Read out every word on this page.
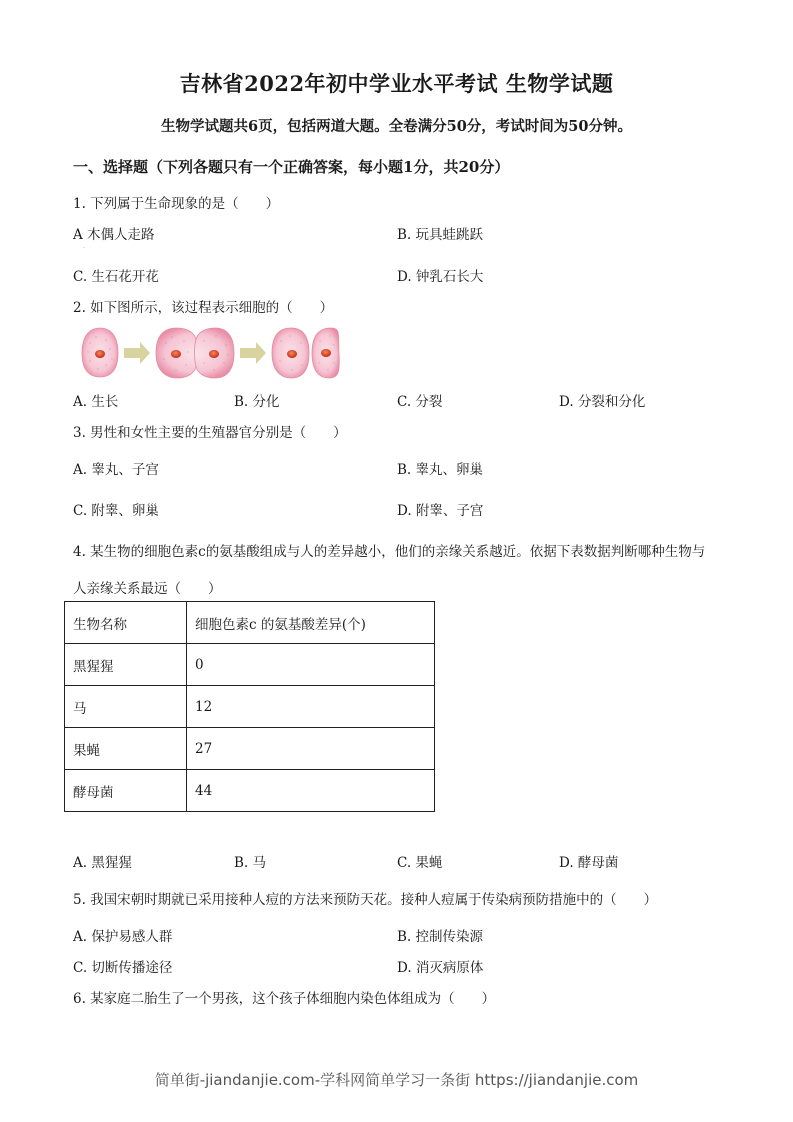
吉林省2022年初中学业水平考试 生物学试题
生物学试题共6页，包括两道大题。全卷满分50分，考试时间为50分钟。
一、选择题（下列各题只有一个正确答案，每小题1分，共20分）
1. 下列属于生命现象的是（　　）
A 木偶人走路	B. 玩具蛙跳跃
·
C. 生石花开花	D. 钟乳石长大
2. 如下图所示，该过程表示细胞的（　　）
A. 生长	B. 分化	C. 分裂	D. 分裂和分化
3. 男性和女性主要的生殖器官分别是（　　）
A. 睾丸、子宫	B. 睾丸、卵巢
C. 附睾、卵巢	D. 附睾、子宫
4. 某生物的细胞色素c的氨基酸组成与人的差异越小，他们的亲缘关系越近。依据下表数据判断哪种生物与
人亲缘关系最远（　　）
生物名称	细胞色素c 的氨基酸差异(个)
黑猩猩	0
马	12
果蝇	27
酵母菌	44
A. 黑猩猩	B. 马	C. 果蝇	D. 酵母菌
5. 我国宋朝时期就已采用接种人痘的方法来预防天花。接种人痘属于传染病预防措施中的（　　）
A. 保护易感人群	B. 控制传染源
C. 切断传播途径	D. 消灭病原体
6. 某家庭二胎生了一个男孩，这个孩子体细胞内染色体组成为（　　）
简单街-jiandanjie.com-学科网简单学习一条街 https://jiandanjie.com
